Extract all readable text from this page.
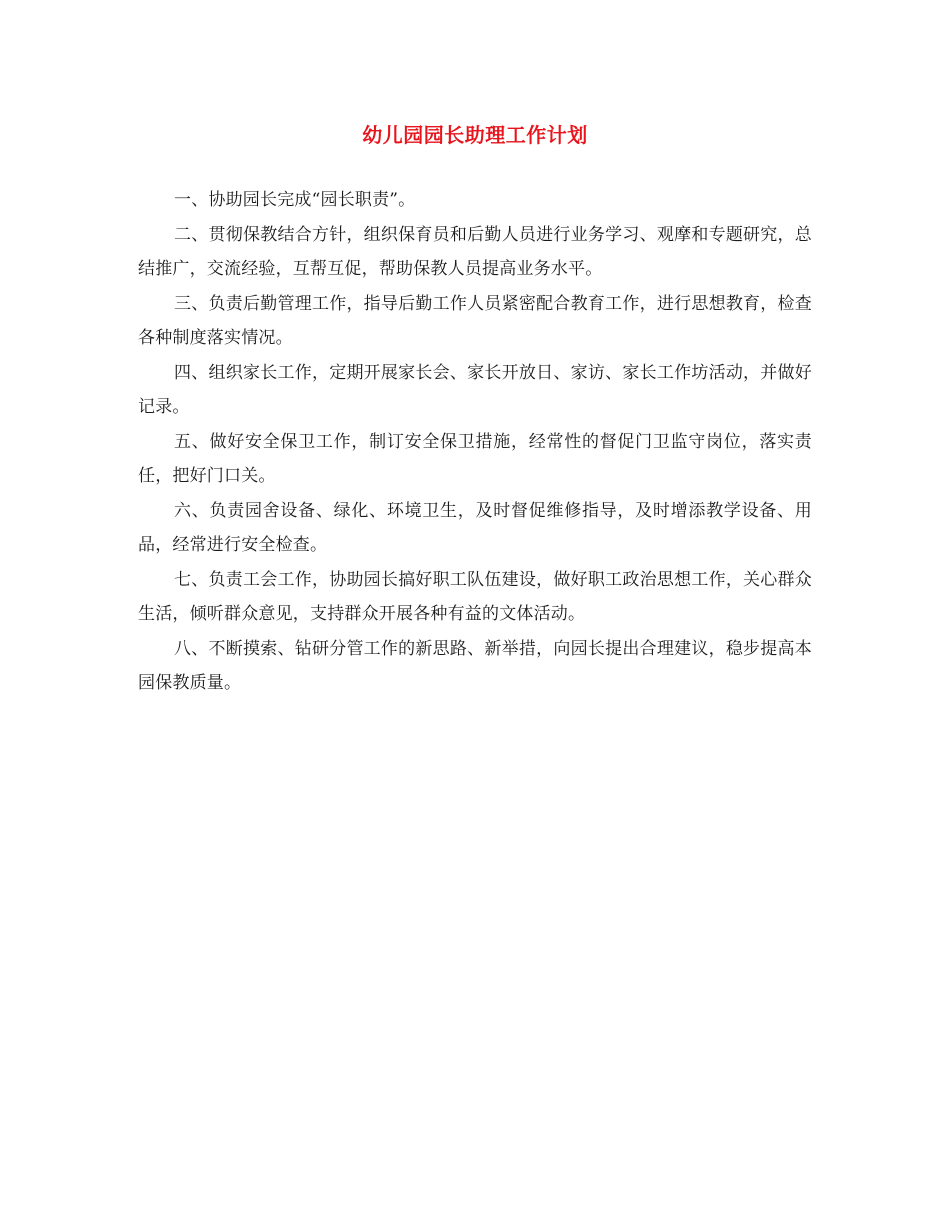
幼儿园园长助理工作计划

一、协助园长完成“园长职责”。

二、贯彻保教结合方针，组织保育员和后勤人员进行业务学习、观摩和专题研究，总结推广，交流经验，互帮互促，帮助保教人员提高业务水平。

三、负责后勤管理工作，指导后勤工作人员紧密配合教育工作，进行思想教育，检查各种制度落实情况。

四、组织家长工作，定期开展家长会、家长开放日、家访、家长工作坊活动，并做好记录。

五、做好安全保卫工作，制订安全保卫措施，经常性的督促门卫监守岗位，落实责任，把好门口关。

六、负责园舍设备、绿化、环境卫生，及时督促维修指导，及时增添教学设备、用品，经常进行安全检查。

七、负责工会工作，协助园长搞好职工队伍建设，做好职工政治思想工作，关心群众生活，倾听群众意见，支持群众开展各种有益的文体活动。

八、不断摸索、钻研分管工作的新思路、新举措，向园长提出合理建议，稳步提高本园保教质量。
